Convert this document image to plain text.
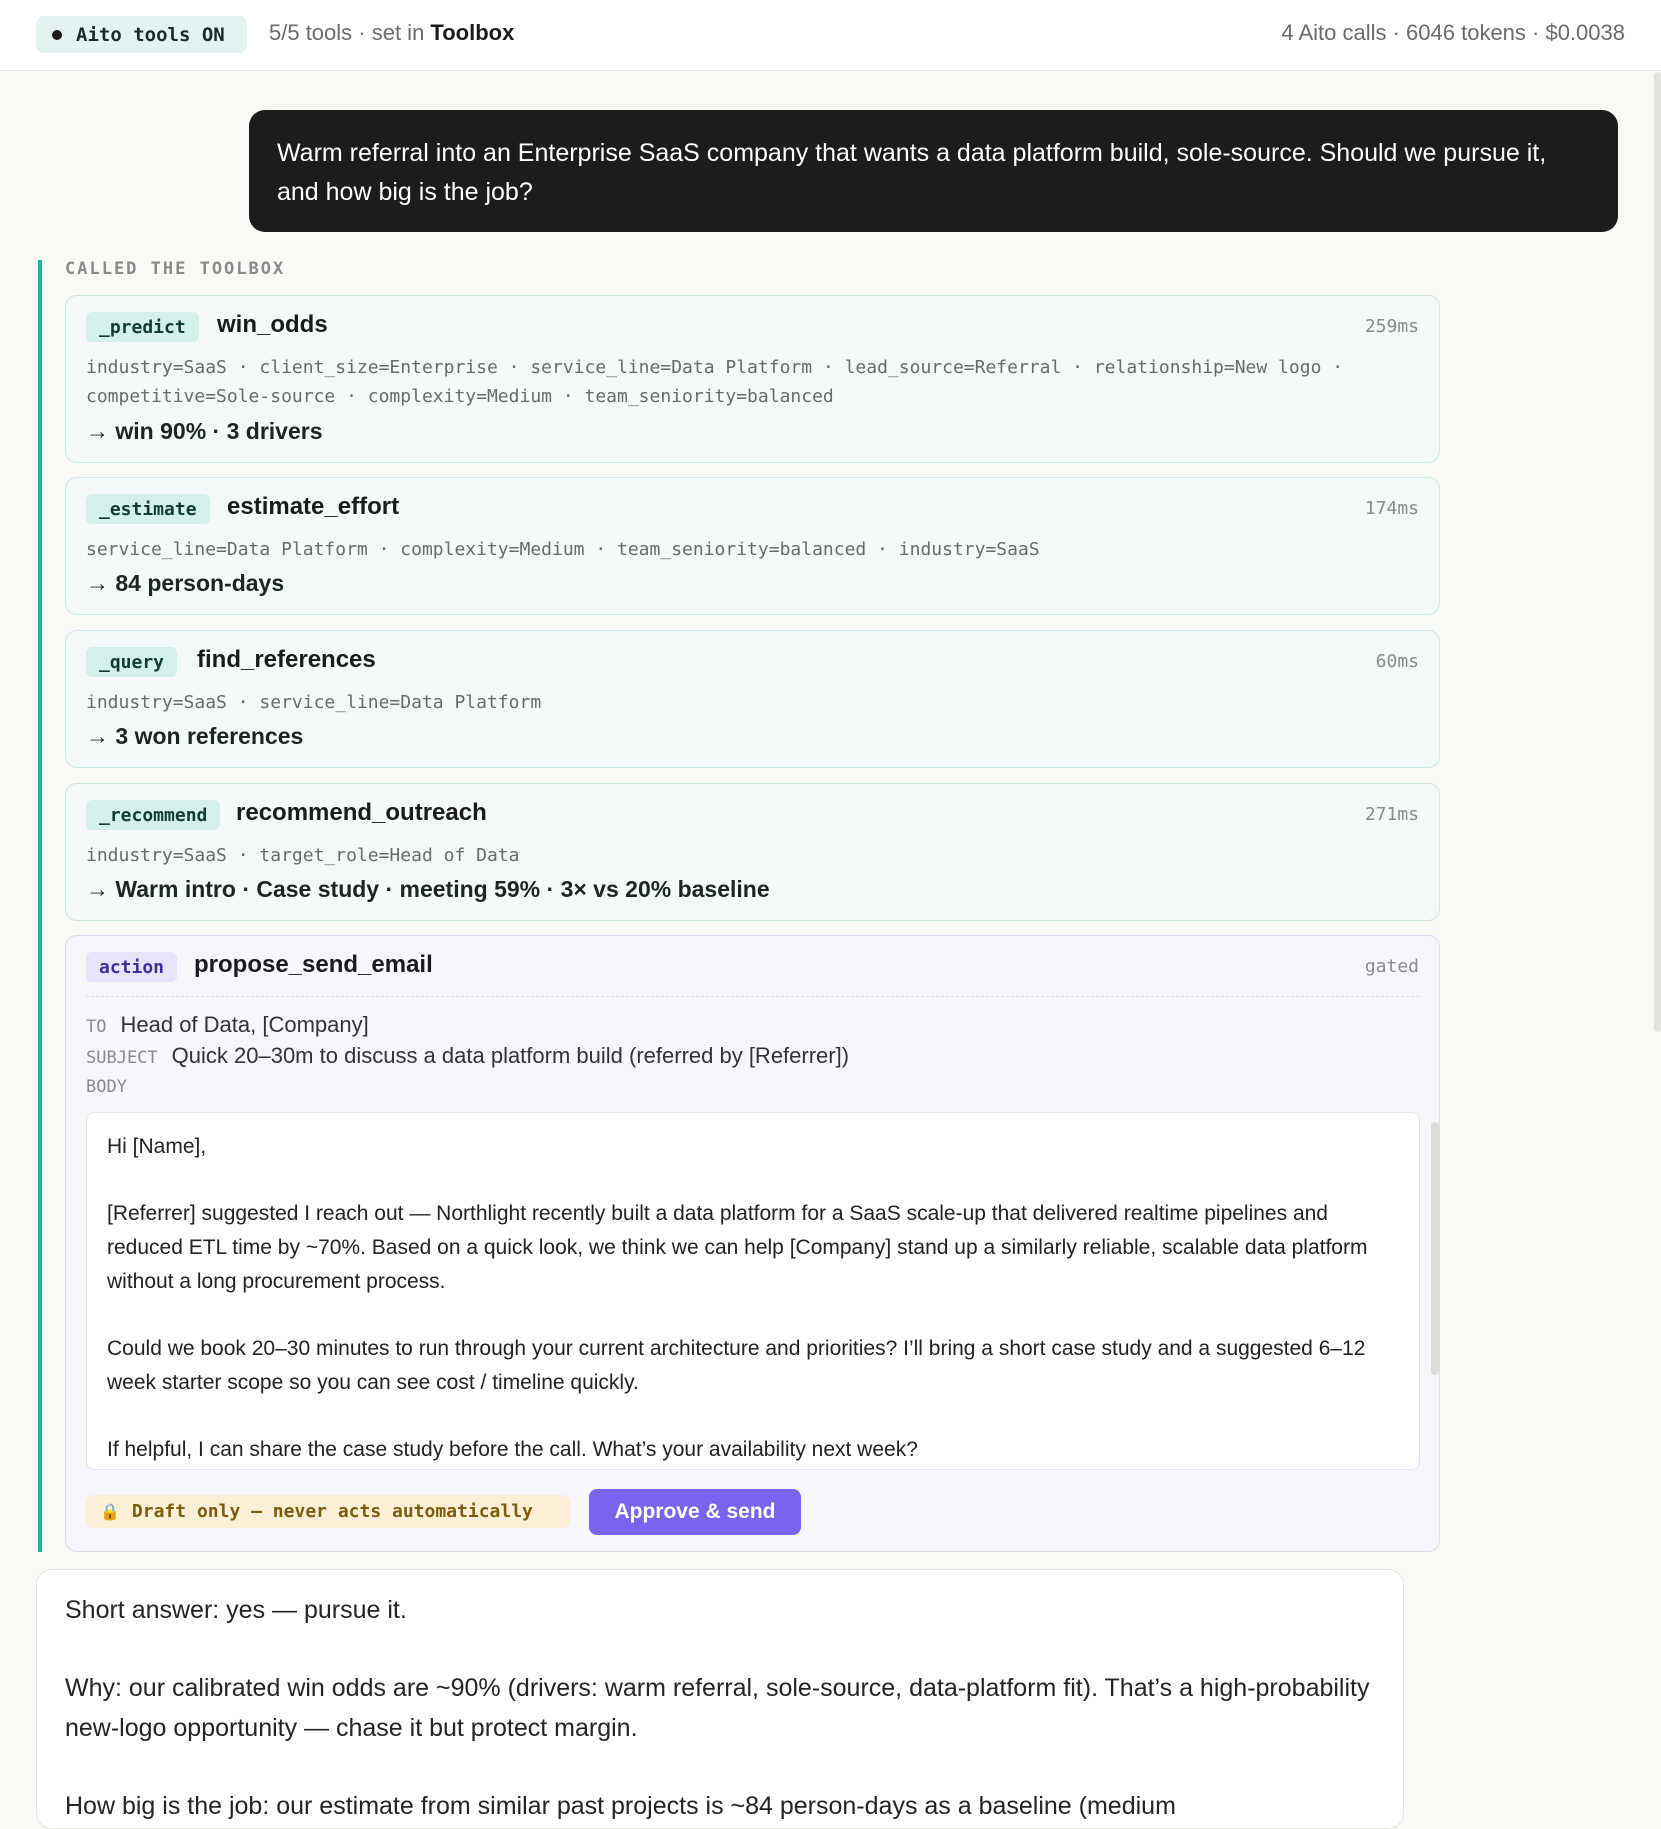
Aito tools ON 5/5 tools · set in Toolbox	4 Aito calls · 6046 tokens · $0.0038
Warm referral into an Enterprise SaaS company that wants a data platform build, sole-source. Should we pursue it, and how big is the job?
CALLED THE TOOLBOX
_predict	win_odds	259ms
industry=SaaS · client_size=Enterprise · service_line=Data Platform · lead_source=Referral · relationship=New logo · competitive=Sole-source · complexity=Medium · team_seniority=balanced
→ win 90% · 3 drivers
_estimate	estimate_effort	174ms
service_line=Data Platform · complexity=Medium · team_seniority=balanced · industry=SaaS
→ 84 person-days
_query	find_references	60ms
industry=SaaS · service_line=Data Platform
→ 3 won references
_recommend	recommend_outreach	271ms
industry=SaaS · target_role=Head of Data
→ Warm intro · Case study · meeting 59% · 3× vs 20% baseline
action	propose_send_email	gated
TO Head of Data, [Company]
SUBJECT Quick 20–30m to discuss a data platform build (referred by [Referrer])
BODY

Hi [Name],

[Referrer] suggested I reach out — Northlight recently built a data platform for a SaaS scale-up that delivered realtime pipelines and reduced ETL time by ~70%. Based on a quick look, we think we can help [Company] stand up a similarly reliable, scalable data platform without a long procurement process.

Could we book 20–30 minutes to run through your current architecture and priorities? I’ll bring a short case study and a suggested 6–12 week starter scope so you can see cost / timeline quickly.

If helpful, I can share the case study before the call. What’s your availability next week?

🔒 Draft only — never acts automatically	Approve & send

Short answer: yes — pursue it.

Why: our calibrated win odds are ~90% (drivers: warm referral, sole-source, data-platform fit). That’s a high-probability new-logo opportunity — chase it but protect margin.

How big is the job: our estimate from similar past projects is ~84 person-days as a baseline (medium
